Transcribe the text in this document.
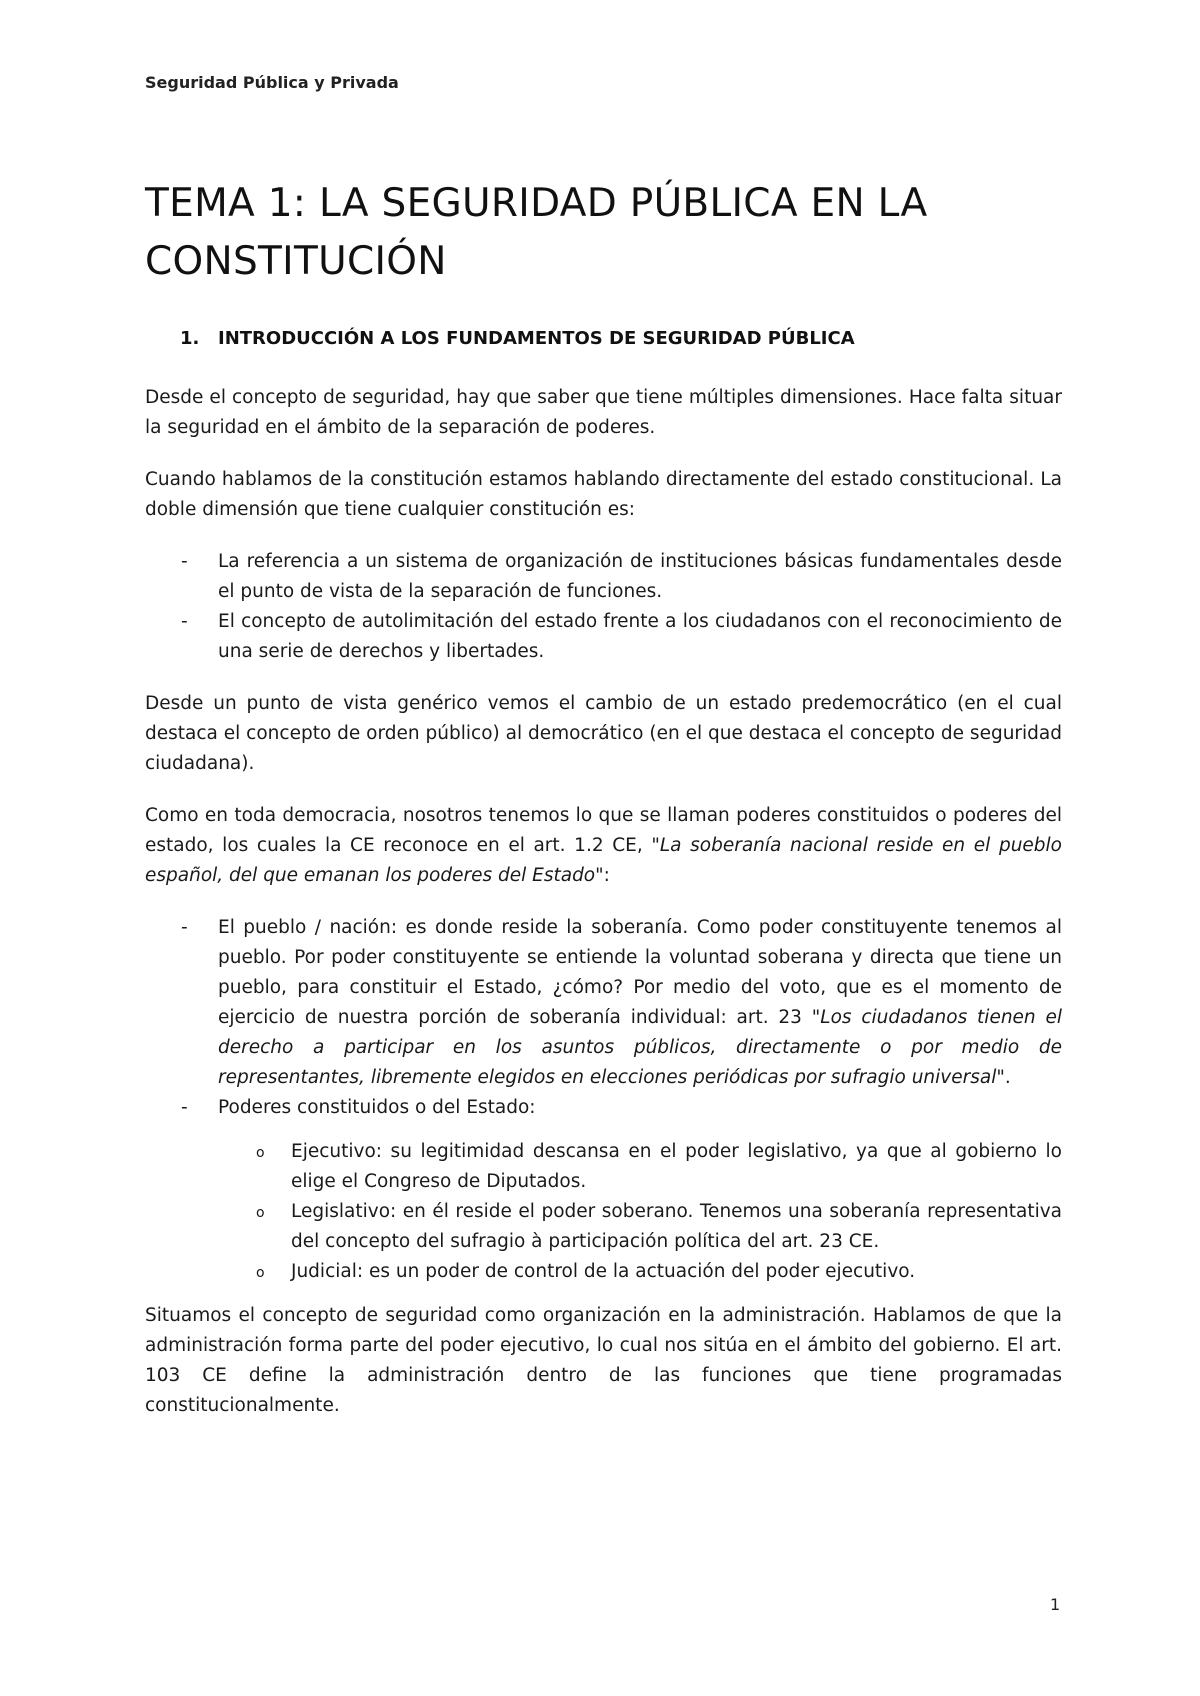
Seguridad Pública y Privada
TEMA 1: LA SEGURIDAD PÚBLICA EN LA CONSTITUCIÓN
1. INTRODUCCIÓN A LOS FUNDAMENTOS DE SEGURIDAD PÚBLICA

Desde el concepto de seguridad, hay que saber que tiene múltiples dimensiones. Hace falta situar la seguridad en el ámbito de la separación de poderes.

Cuando hablamos de la constitución estamos hablando directamente del estado constitucional. La doble dimensión que tiene cualquier constitución es:

- La referencia a un sistema de organización de instituciones básicas fundamentales desde el punto de vista de la separación de funciones.
- El concepto de autolimitación del estado frente a los ciudadanos con el reconocimiento de una serie de derechos y libertades.

Desde un punto de vista genérico vemos el cambio de un estado predemocrático (en el cual destaca el concepto de orden público) al democrático (en el que destaca el concepto de seguridad ciudadana).

Como en toda democracia, nosotros tenemos lo que se llaman poderes constituidos o poderes del estado, los cuales la CE reconoce en el art. 1.2 CE, "La soberanía nacional reside en el pueblo español, del que emanan los poderes del Estado":

- El pueblo / nación: es donde reside la soberanía. Como poder constituyente tenemos al pueblo. Por poder constituyente se entiende la voluntad soberana y directa que tiene un pueblo, para constituir el Estado, ¿cómo? Por medio del voto, que es el momento de ejercicio de nuestra porción de soberanía individual: art. 23 "Los ciudadanos tienen el derecho a participar en los asuntos públicos, directamente o por medio de representantes, libremente elegidos en elecciones periódicas por sufragio universal".
- Poderes constituidos o del Estado:
o Ejecutivo: su legitimidad descansa en el poder legislativo, ya que al gobierno lo elige el Congreso de Diputados.
o Legislativo: en él reside el poder soberano. Tenemos una soberanía representativa del concepto del sufragio à participación política del art. 23 CE.
o Judicial: es un poder de control de la actuación del poder ejecutivo.

Situamos el concepto de seguridad como organización en la administración. Hablamos de que la administración forma parte del poder ejecutivo, lo cual nos sitúa en el ámbito del gobierno. El art. 103 CE define la administración dentro de las funciones que tiene programadas constitucionalmente.

1
